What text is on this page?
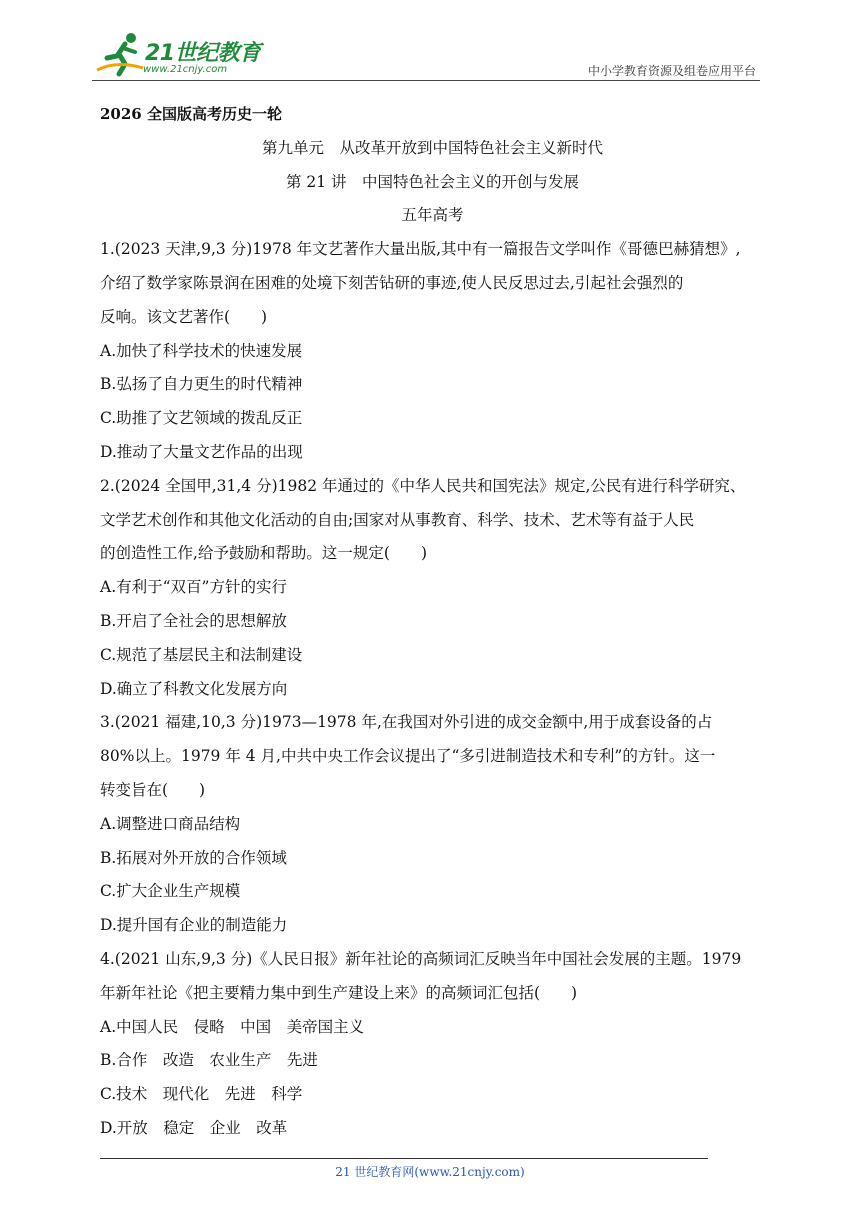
21世纪教育
www.21cnjy.com	中小学教育资源及组卷应用平台
2026 全国版高考历史一轮
第九单元　从改革开放到中国特色社会主义新时代
第 21 讲　中国特色社会主义的开创与发展
五年高考

1.(2023 天津,9,3 分)1978 年文艺著作大量出版,其中有一篇报告文学叫作《哥德巴赫猜想》,

介绍了数学家陈景润在困难的处境下刻苦钻研的事迹,使人民反思过去,引起社会强烈的

反响。该文艺著作(　　)

A.加快了科学技术的快速发展

B.弘扬了自力更生的时代精神

C.助推了文艺领域的拨乱反正

D.推动了大量文艺作品的出现

2.(2024 全国甲,31,4 分)1982 年通过的《中华人民共和国宪法》规定,公民有进行科学研究、

文学艺术创作和其他文化活动的自由;国家对从事教育、科学、技术、艺术等有益于人民

的创造性工作,给予鼓励和帮助。这一规定(　　)

A.有利于“双百”方针的实行

B.开启了全社会的思想解放

C.规范了基层民主和法制建设

D.确立了科教文化发展方向

3.(2021 福建,10,3 分)1973—1978 年,在我国对外引进的成交金额中,用于成套设备的占

80%以上。1979 年 4 月,中共中央工作会议提出了“多引进制造技术和专利”的方针。这一

转变旨在(　　)

A.调整进口商品结构

B.拓展对外开放的合作领域

C.扩大企业生产规模

D.提升国有企业的制造能力

4.(2021 山东,9,3 分)《人民日报》新年社论的高频词汇反映当年中国社会发展的主题。1979

年新年社论《把主要精力集中到生产建设上来》的高频词汇包括(　　)

A.中国人民　侵略　中国　美帝国主义

B.合作　改造　农业生产　先进

C.技术　现代化　先进　科学

D.开放　稳定　企业　改革

21 世纪教育网(www.21cnjy.com)
